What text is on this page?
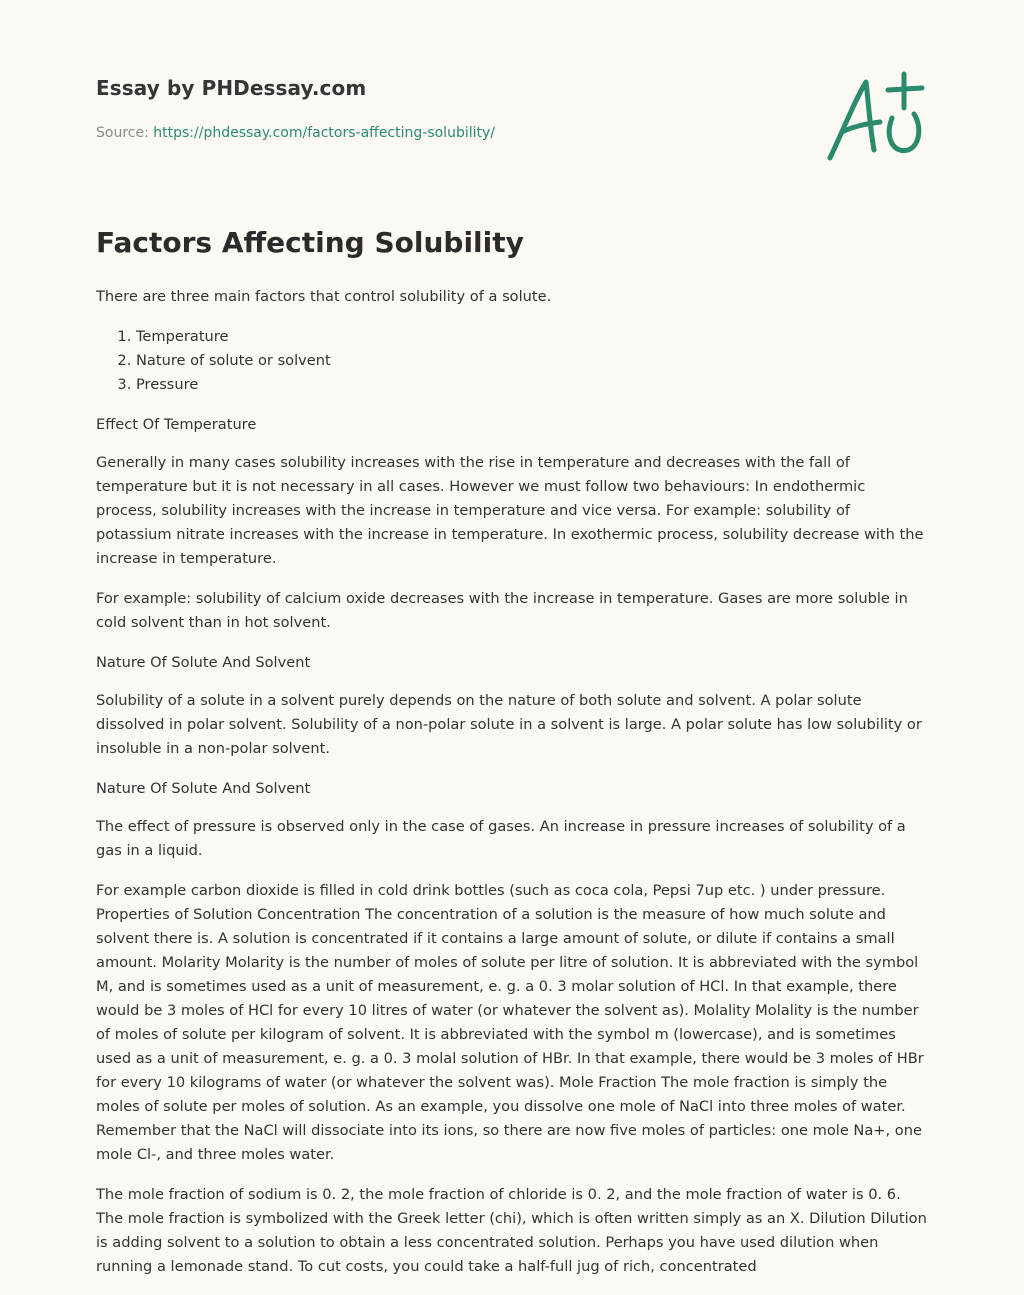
Essay by PHDessay.com

Source: https://phdessay.com/factors-affecting-solubility/

Factors Affecting Solubility

There are three main factors that control solubility of a solute.

1. Temperature
2. Nature of solute or solvent
3. Pressure

Effect Of Temperature

Generally in many cases solubility increases with the rise in temperature and decreases with the fall of temperature but it is not necessary in all cases. However we must follow two behaviours: In endothermic process, solubility increases with the increase in temperature and vice versa. For example: solubility of potassium nitrate increases with the increase in temperature. In exothermic process, solubility decrease with the increase in temperature.

For example: solubility of calcium oxide decreases with the increase in temperature. Gases are more soluble in cold solvent than in hot solvent.

Nature Of Solute And Solvent

Solubility of a solute in a solvent purely depends on the nature of both solute and solvent. A polar solute dissolved in polar solvent. Solubility of a non-polar solute in a solvent is large. A polar solute has low solubility or insoluble in a non-polar solvent.

Nature Of Solute And Solvent

The effect of pressure is observed only in the case of gases. An increase in pressure increases of solubility of a gas in a liquid.

For example carbon dioxide is filled in cold drink bottles (such as coca cola, Pepsi 7up etc. ) under pressure. Properties of Solution Concentration The concentration of a solution is the measure of how much solute and solvent there is. A solution is concentrated if it contains a large amount of solute, or dilute if contains a small amount. Molarity Molarity is the number of moles of solute per litre of solution. It is abbreviated with the symbol M, and is sometimes used as a unit of measurement, e. g. a 0. 3 molar solution of HCl. In that example, there would be 3 moles of HCl for every 10 litres of water (or whatever the solvent as). Molality Molality is the number of moles of solute per kilogram of solvent. It is abbreviated with the symbol m (lowercase), and is sometimes used as a unit of measurement, e. g. a 0. 3 molal solution of HBr. In that example, there would be 3 moles of HBr for every 10 kilograms of water (or whatever the solvent was). Mole Fraction The mole fraction is simply the moles of solute per moles of solution. As an example, you dissolve one mole of NaCl into three moles of water. Remember that the NaCl will dissociate into its ions, so there are now five moles of particles: one mole Na+, one mole Cl-, and three moles water.

The mole fraction of sodium is 0. 2, the mole fraction of chloride is 0. 2, and the mole fraction of water is 0. 6. The mole fraction is symbolized with the Greek letter (chi), which is often written simply as an X. Dilution Dilution is adding solvent to a solution to obtain a less concentrated solution. Perhaps you have used dilution when running a lemonade stand. To cut costs, you could take a half-full jug of rich, concentrated
